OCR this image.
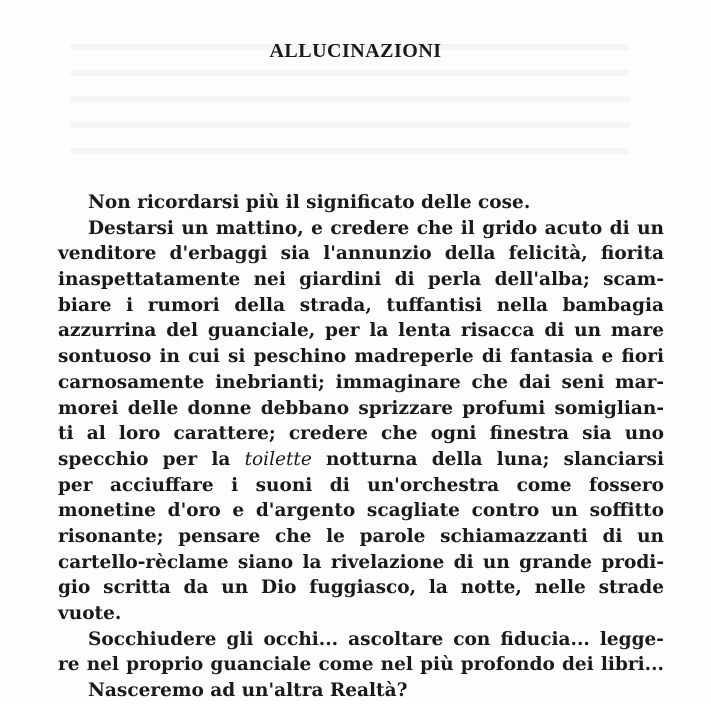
ALLUCINAZIONI
Non ricordarsi più il significato delle cose.
Destarsi un mattino, e credere che il grido acuto di un
venditore d'erbaggi sia l'annunzio della felicità, fiorita
inaspettatamente nei giardini di perla dell'alba; scam-
biare i rumori della strada, tuffantisi nella bambagia
azzurrina del guanciale, per la lenta risacca di un mare
sontuoso in cui si peschino madreperle di fantasia e fiori
carnosamente inebrianti; immaginare che dai seni mar-
morei delle donne debbano sprizzare profumi somiglian-
ti al loro carattere; credere che ogni finestra sia uno
specchio per la toilette notturna della luna; slanciarsi
per acciuffare i suoni di un'orchestra come fossero
monetine d'oro e d'argento scagliate contro un soffitto
risonante; pensare che le parole schiamazzanti di un
cartello-rèclame siano la rivelazione di un grande prodi-
gio scritta da un Dio fuggiasco, la notte, nelle strade
vuote.
Socchiudere gli occhi... ascoltare con fiducia... legge-
re nel proprio guanciale come nel più profondo dei libri...
Nasceremo ad un'altra Realtà?
